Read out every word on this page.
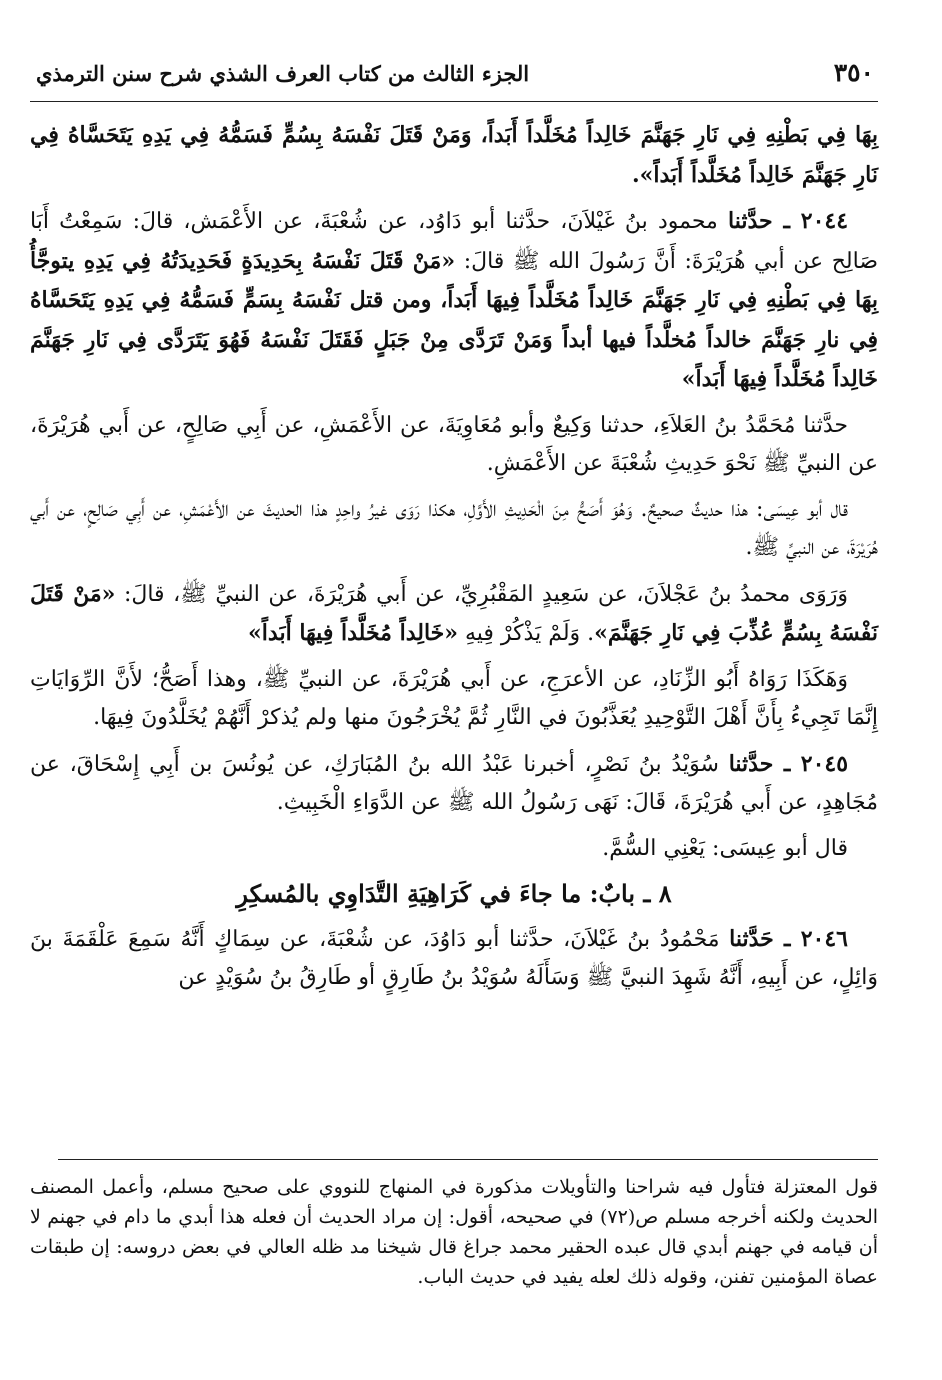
٣٥٠
الجزء الثالث من كتاب العرف الشذي شرح سنن الترمذي

بِهَا فِي بَطْنِهِ فِي نَارِ جَهَنَّمَ خَالِداً مُخَلَّداً أَبَداً، وَمَنْ قَتَلَ نَفْسَهُ بِسُمٍّ فَسَمُّهُ فِي يَدِهِ يَتَحَسَّاهُ فِي نَارِ جَهَنَّمَ خَالِداً مُخَلَّداً أَبَداً».

٢٠٤٤ ـ حدَّثنا محمود بنُ غَيْلاَنَ، حدَّثنا أبو دَاوُد، عن شُعْبَةَ، عن الأَعْمَش، قالَ: سَمِعْتُ أَبَا صَالِح عن أبي هُرَيْرَةَ: أَنَّ رَسُولَ الله ﷺ قالَ: «مَنْ قَتَلَ نَفْسَهُ بِحَدِيدَةٍ فَحَدِيدَتُهُ فِي يَدِهِ يتوجَّأُ بِهَا فِي بَطْنِهِ فِي نَارِ جَهَنَّمَ خَالِداً مُخَلَّداً فِيهَا أَبَداً، ومن قتل نَفْسَهُ بِسَمٍّ فَسَمُّهُ فِي يَدِهِ يَتَحَسَّاهُ فِي نارِ جَهَنَّمَ خالداً مُخلَّداً فيها أبداً وَمَنْ تَرَدَّى مِنْ جَبَلٍ فَقَتَلَ نَفْسَهُ فَهُوَ يَتَرَدَّى فِي نَارِ جَهَنَّمَ خَالِداً مُخَلَّداً فِيهَا أَبَداً»

حدَّثنا مُحَمَّدُ بنُ العَلاَءِ، حدثنا وَكِيعٌ وأبو مُعَاوِيَةَ، عن الأَعْمَشِ، عن أَبِي صَالِحٍ، عن أَبي هُرَيْرَةَ، عن النبيِّ ﷺ نَحْوَ حَدِيثِ شُعْبَةَ عن الأَعْمَشِ.

قال أبو عِيسَى: هذا حديثٌ صحيحٌ. وَهُوَ أَصَحُّ مِنَ الْحَدِيثِ الأَوَّلِ، هكذا رَوَى غيرُ واحِدٍ هذا الحديثَ عن الأَعْمَشِ، عن أَبِي صَالِحٍ، عن أَبي هُرَيْرَةَ، عن النبيِّ ﷺ.

وَرَوَى محمدُ بنُ عَجْلاَنَ، عن سَعِيدٍ المَقْبُرِيِّ، عن أَبي هُرَيْرَةَ، عن النبيِّ ﷺ، قالَ: «مَنْ قَتَلَ نَفْسَهُ بِسُمٍّ عُذِّبَ فِي نَارِ جَهَنَّمَ». وَلَمْ يَذْكُرْ فِيهِ «خَالِداً مُخَلَّداً فِيهَا أَبَداً»

وَهَكَذَا رَوَاهُ أَبُو الزِّنَادِ، عن الأعرَجِ، عن أَبي هُرَيْرَةَ، عن النبيِّ ﷺ، وهذا أَصَحُّ؛ لأَنَّ الرِّوَايَاتِ إِنَّمَا تَجِيءُ بِأَنَّ أَهْلَ التَّوْحِيدِ يُعَذَّبُونَ في النَّارِ ثُمَّ يُخْرَجُونَ منها ولم يُذكرْ أَنَّهُمْ يُخَلَّدُونَ فِيهَا.

٢٠٤٥ ـ حدَّثنا سُوَيْدُ بنُ نَصْرٍ، أخبرنا عَبْدُ الله بنُ المُبَارَكِ، عن يُونُسَ بن أَبِي إِسْحَاقَ، عن مُجَاهِدٍ، عن أَبي هُرَيْرَةَ، قَالَ: نَهَى رَسُولُ الله ﷺ عن الدَّوَاءِ الْخَبِيثِ.

قال أبو عِيسَى: يَعْنِي السُّمَّ.

٨ ـ بابٌ: ما جاءَ في كَرَاهِيَةِ التَّدَاوِي بالمُسكِرِ

٢٠٤٦ ـ حَدَّثنا مَحْمُودُ بنُ غَيْلاَنَ، حدَّثنا أبو دَاوُدَ، عن شُعْبَةَ، عن سِمَاكٍ أَنَّهُ سَمِعَ عَلْقَمَةَ بنَ وَائِلٍ، عن أَبِيهِ، أَنَّهُ شَهِدَ النبيَّ ﷺ وَسَأَلَهُ سُوَيْدُ بنُ طَارِقٍ أو طَارِقُ بنُ سُوَيْدٍ عن

قول المعتزلة فتأول فيه شراحنا والتأويلات مذكورة في المنهاج للنووي على صحيح مسلم، وأعمل المصنف الحديث ولكنه أخرجه مسلم ص(٧٢) في صحيحه، أقول: إن مراد الحديث أن فعله هذا أبدي ما دام في جهنم لا أن قيامه في جهنم أبدي قال عبده الحقير محمد جراغ قال شيخنا مد ظله العالي في بعض دروسه: إن طبقات عصاة المؤمنين تفنن، وقوله ذلك لعله يفيد في حديث الباب.
